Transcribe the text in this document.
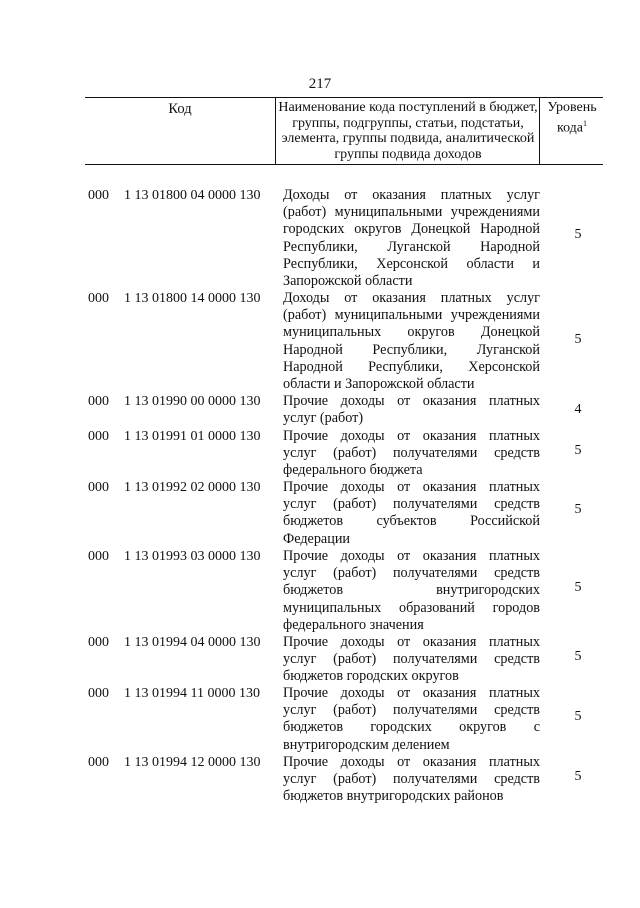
217
Код	Наименование кода поступлений в бюджет, группы, подгруппы, статьи, подстатьи, элемента, группы подвида, аналитической группы подвида доходов
Уровень кода$^1$
000 1 13 01800 04 0000 130 Доходы от оказания платных услуг (работ) муниципальными учреждениями городских округов Донецкой Народной Республики, Луганской Народной Республики, Херсонской области и Запорожской области
5
000 1 13 01800 14 0000 130 Доходы от оказания платных услуг (работ) муниципальными учреждениями муниципальных округов Донецкой Народной Республики, Луганской Народной Республики, Херсонской области и Запорожской области
5
000 1 13 01990 00 0000 130 Прочие доходы от оказания платных услуг (работ)
4
000 1 13 01991 01 0000 130 Прочие доходы от оказания платных услуг (работ) получателями средств федерального бюджета
5
000 1 13 01992 02 0000 130 Прочие доходы от оказания платных услуг (работ) получателями средств бюджетов субъектов Российской Федерации
5
000 1 13 01993 03 0000 130 Прочие доходы от оказания платных услуг (работ) получателями средств бюджетов внутригородских муниципальных образований городов федерального значения
5
000 1 13 01994 04 0000 130 Прочие доходы от оказания платных услуг (работ) получателями средств бюджетов городских округов
5
000 1 13 01994 11 0000 130 Прочие доходы от оказания платных услуг (работ) получателями средств бюджетов городских округов с внутригородским делением
5
000 1 13 01994 12 0000 130 Прочие доходы от оказания платных услуг (работ) получателями средств бюджетов внутригородских районов
5
